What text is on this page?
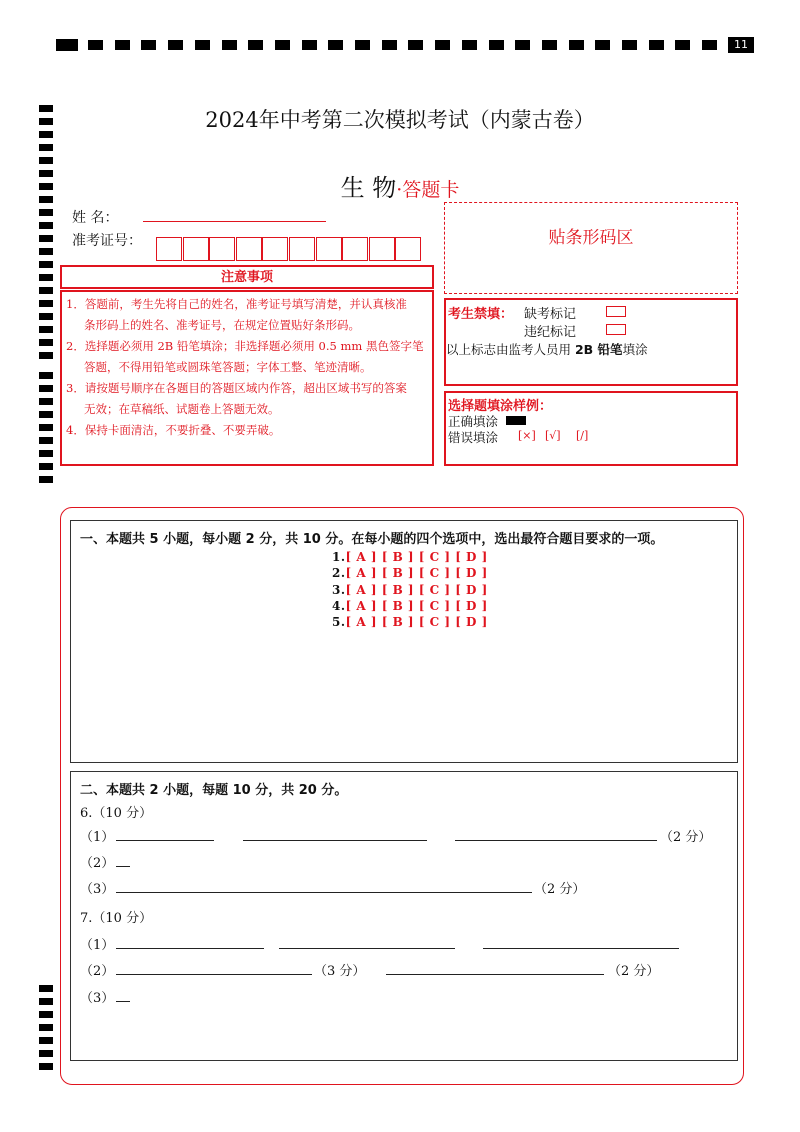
11
2024年中考第二次模拟考试（内蒙古卷）
生 物·答题卡
姓 名：
准考证号：	贴条形码区
注意事项
1．答题前，考生先将自己的姓名，准考证号填写清楚，并认真核准
条形码上的姓名、准考证号，在规定位置贴好条形码。
2．选择题必须用 2B 铅笔填涂；非选择题必须用 0.5 mm 黑色签字笔
答题，不得用铅笔或圆珠笔答题；字体工整、笔迹清晰。
3．请按题号顺序在各题目的答题区域内作答，超出区域书写的答案
无效；在草稿纸、试题卷上答题无效。
4．保持卡面清洁，不要折叠、不要弄破。
考生禁填： 缺考标记
违纪标记
以上标志由监考人员用 2B 铅笔填涂
选择题填涂样例：
正确填涂
错误填涂 [×] [√] [/]
一、本题共 5 小题，每小题 2 分，共 10 分。在每小题的四个选项中，选出最符合题目要求的一项。
1.[ A ] [ B ] [ C ] [ D ]
2.[ A ] [ B ] [ C ] [ D ]
3.[ A ] [ B ] [ C ] [ D ]
4.[ A ] [ B ] [ C ] [ D ]
5.[ A ] [ B ] [ C ] [ D ]
二、本题共 2 小题，每题 10 分，共 20 分。
6.（10 分）
（1）	（2 分）
（2）
（3）	（2 分）
7.（10 分）
（1）
（2）	（3 分）	（2 分）
（3）
